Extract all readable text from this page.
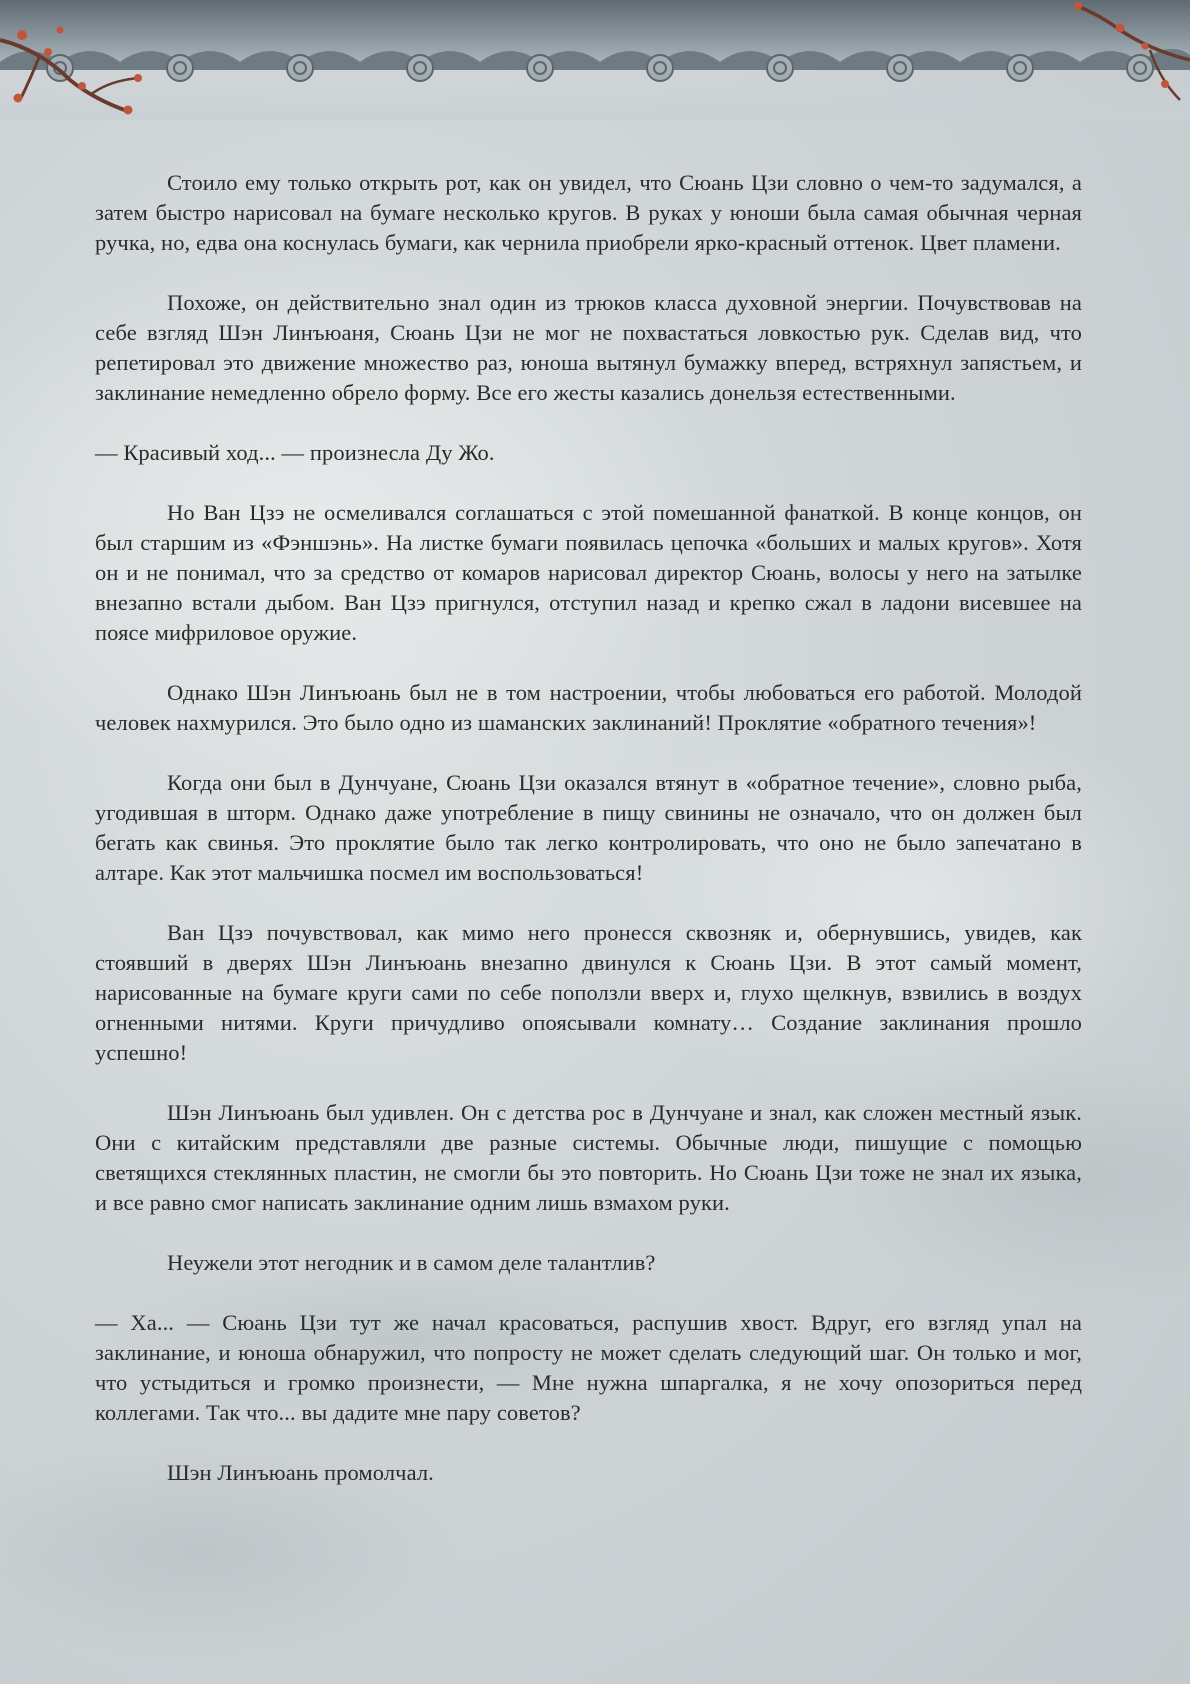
Стоило ему только открыть рот, как он увидел, что Сюань Цзи словно о чем-то задумался, а затем быстро нарисовал на бумаге несколько кругов. В руках у юноши была самая обычная черная ручка, но, едва она коснулась бумаги, как чернила приобрели ярко-красный оттенок. Цвет пламени.

Похоже, он действительно знал один из трюков класса духовной энергии. Почувствовав на себе взгляд Шэн Линъюаня, Сюань Цзи не мог не похвастаться ловкостью рук. Сделав вид, что репетировал это движение множество раз, юноша вытянул бумажку вперед, встряхнул запястьем, и заклинание немедленно обрело форму. Все его жесты казались донельзя естественными.

— Красивый ход... — произнесла Ду Жо.

Но Ван Цзэ не осмеливался соглашаться с этой помешанной фанаткой. В конце концов, он был старшим из «Фэншэнь». На листке бумаги появилась цепочка «больших и малых кругов». Хотя он и не понимал, что за средство от комаров нарисовал директор Сюань, волосы у него на затылке внезапно встали дыбом. Ван Цзэ пригнулся, отступил назад и крепко сжал в ладони висевшее на поясе мифриловое оружие.

Однако Шэн Линъюань был не в том настроении, чтобы любоваться его работой. Молодой человек нахмурился. Это было одно из шаманских заклинаний! Проклятие «обратного течения»!

Когда они был в Дунчуане, Сюань Цзи оказался втянут в «обратное течение», словно рыба, угодившая в шторм. Однако даже употребление в пищу свинины не означало, что он должен был бегать как свинья. Это проклятие было так легко контролировать, что оно не было запечатано в алтаре. Как этот мальчишка посмел им воспользоваться!

Ван Цзэ почувствовал, как мимо него пронесся сквозняк и, обернувшись, увидев, как стоявший в дверях Шэн Линъюань внезапно двинулся к Сюань Цзи. В этот самый момент, нарисованные на бумаге круги сами по себе поползли вверх и, глухо щелкнув, взвились в воздух огненными нитями. Круги причудливо опоясывали комнату… Создание заклинания прошло успешно!

Шэн Линъюань был удивлен. Он с детства рос в Дунчуане и знал, как сложен местный язык. Они с китайским представляли две разные системы. Обычные люди, пишущие с помощью светящихся стеклянных пластин, не смогли бы это повторить. Но Сюань Цзи тоже не знал их языка, и все равно смог написать заклинание одним лишь взмахом руки.

Неужели этот негодник и в самом деле талантлив?

— Ха... — Сюань Цзи тут же начал красоваться, распушив хвост. Вдруг, его взгляд упал на заклинание, и юноша обнаружил, что попросту не может сделать следующий шаг. Он только и мог, что устыдиться и громко произнести, — Мне нужна шпаргалка, я не хочу опозориться перед коллегами. Так что... вы дадите мне пару советов?

Шэн Линъюань промолчал.
